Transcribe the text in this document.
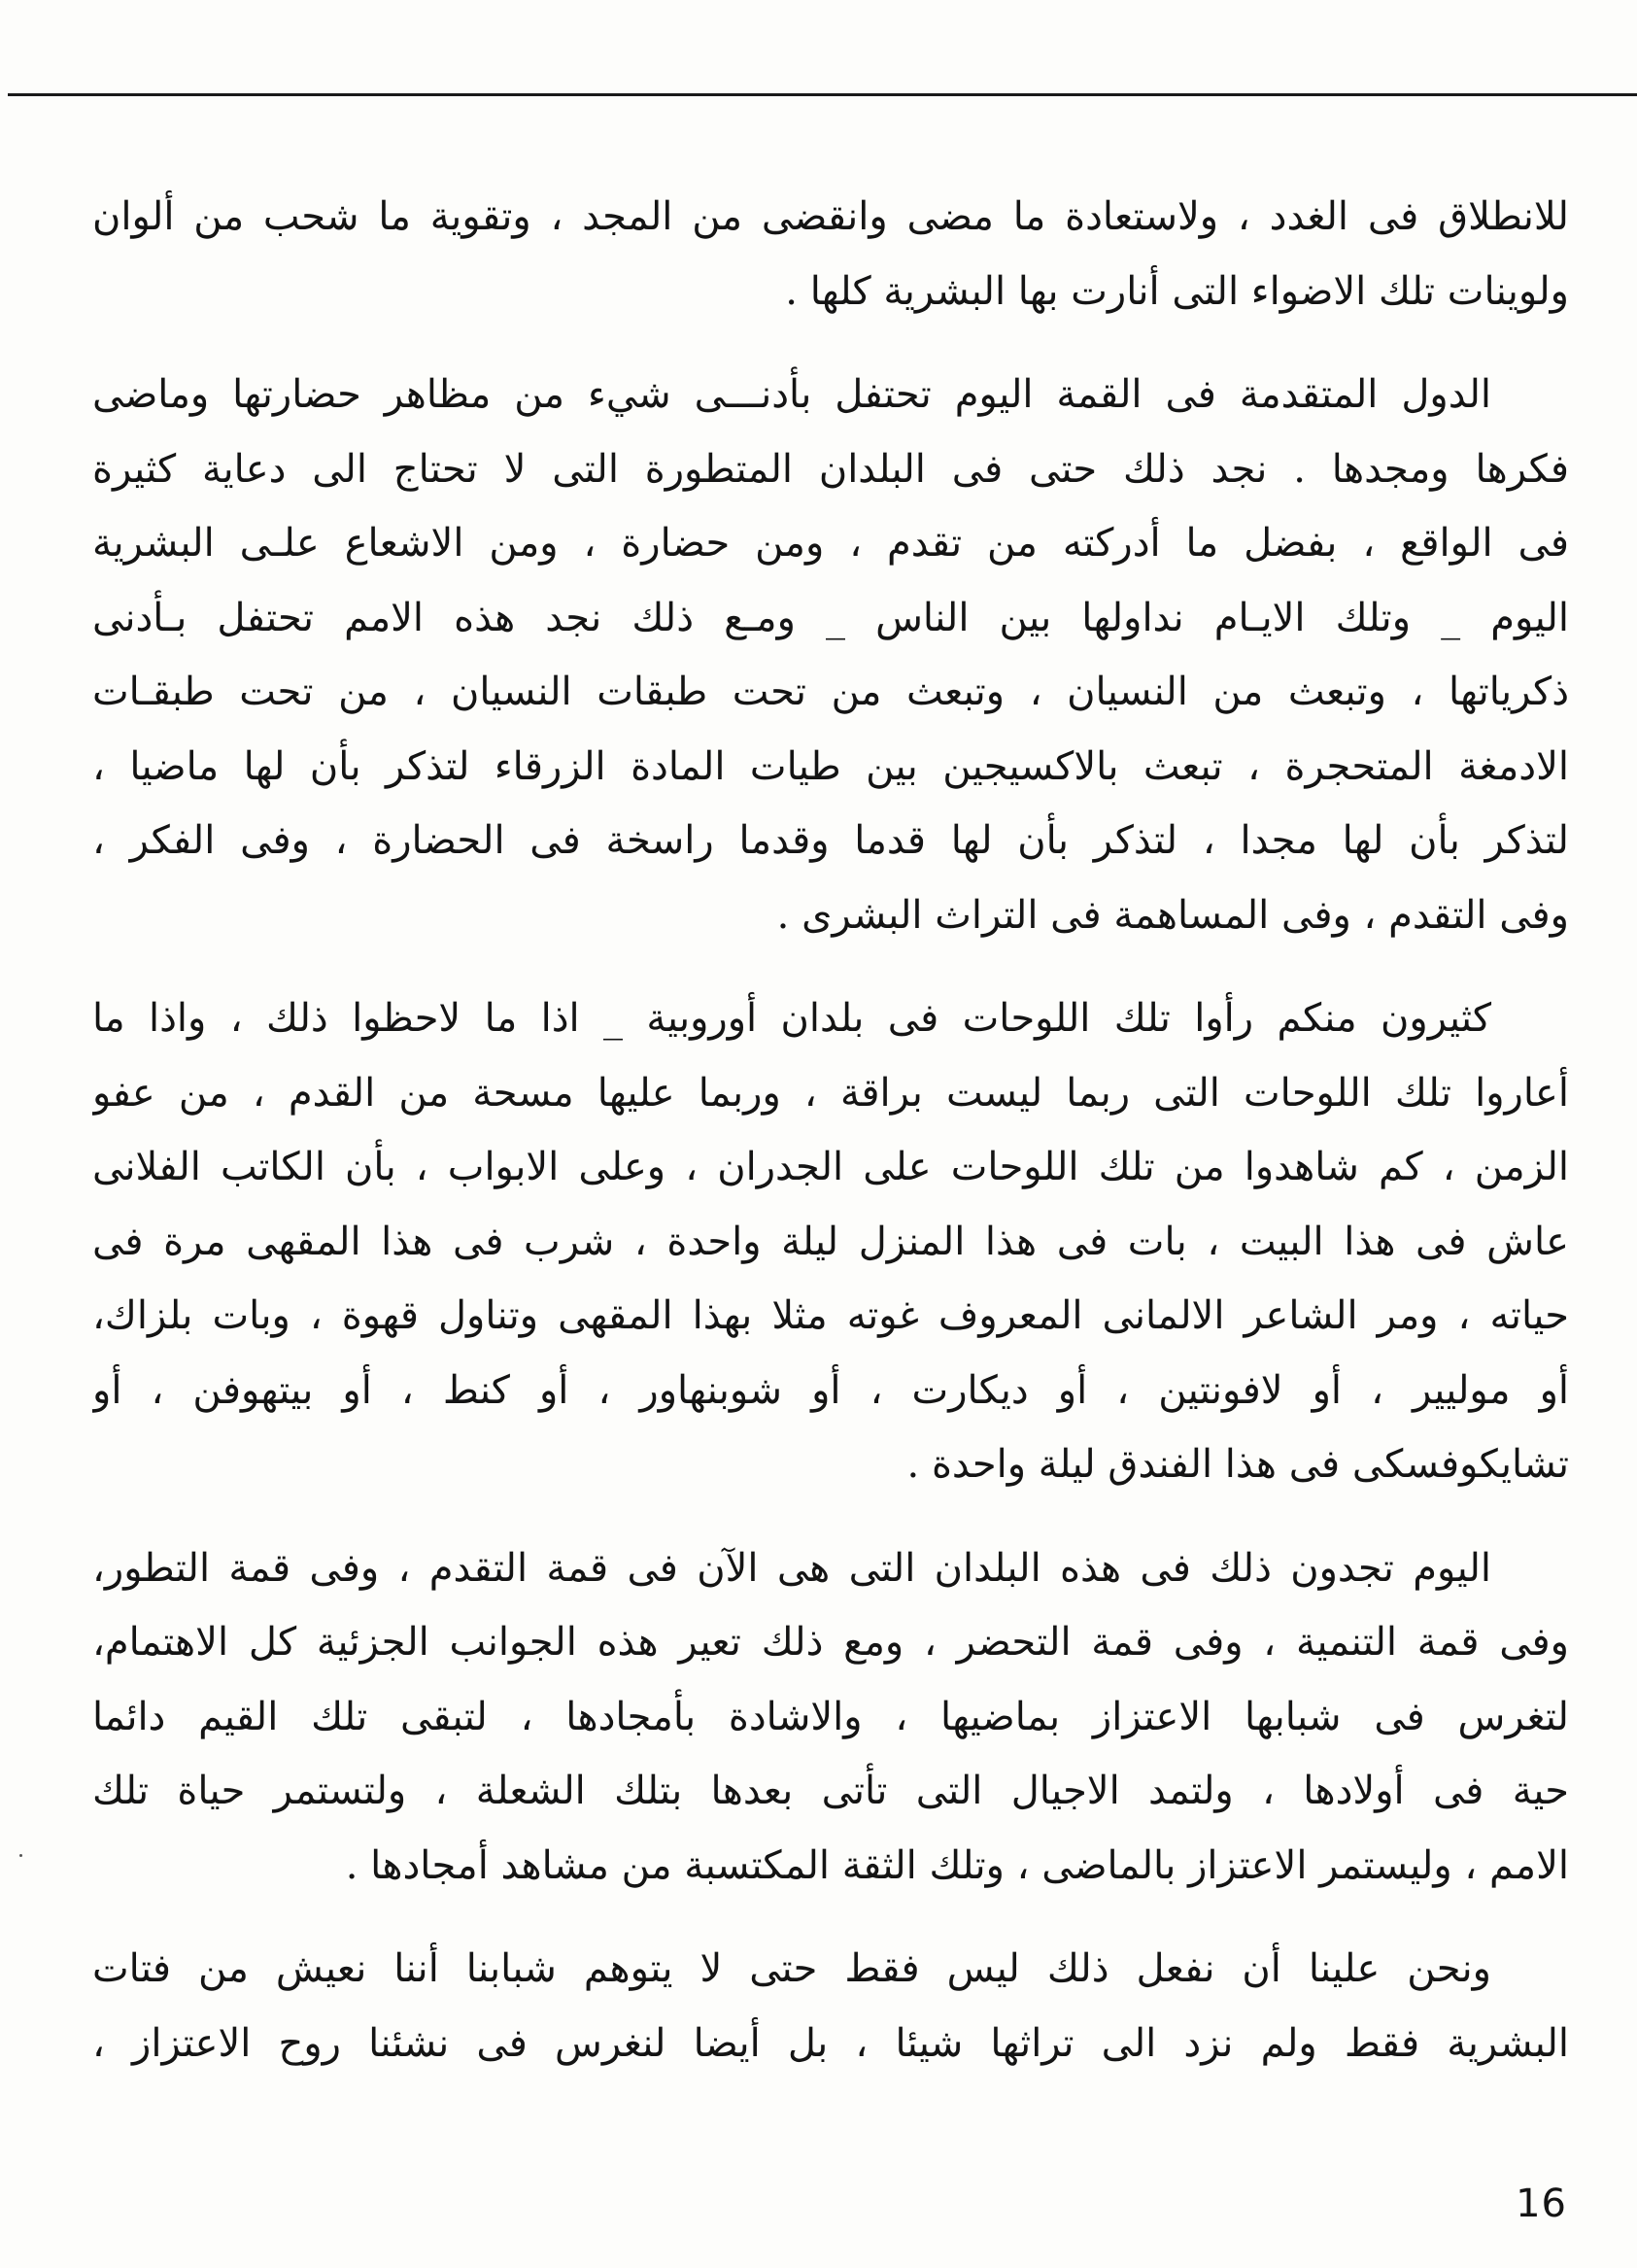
للانطلاق فى الغدد ، ولاستعادة ما مضى وانقضى من المجد ، وتقوية ما شحب من ألوان
ولوينات تلك الاضواء التى أنارت بها البشرية كلها .
الدول المتقدمة فى القمة اليوم تحتفل بأدنـــى شيء من مظاهر حضارتها وماضى
فكرها ومجدها . نجد ذلك حتى فى البلدان المتطورة التى لا تحتاج الى دعاية كثيرة
فى الواقع ، بفضل ما أدركته من تقدم ، ومن حضارة ، ومن الاشعاع علـى البشرية
اليوم _ وتلك الايـام نداولها بين الناس _ ومـع ذلك نجد هذه الامم تحتفل بـأدنى
ذكرياتها ، وتبعث من النسيان ، وتبعث من تحت طبقات النسيان ، من تحت طبقـات
الادمغة المتحجرة ، تبعث بالاكسيجين بين طيات المادة الزرقاء لتذكر بأن لها ماضيا ،
لتذكر بأن لها مجدا ، لتذكر بأن لها قدما وقدما راسخة فى الحضارة ، وفى الفكر ،
وفى التقدم ، وفى المساهمة فى التراث البشرى .
كثيرون منكم رأوا تلك اللوحات فى بلدان أوروبية _ اذا ما لاحظوا ذلك ، واذا ما
أعاروا تلك اللوحات التى ربما ليست براقة ، وربما عليها مسحة من القدم ، من عفو
الزمن ، كم شاهدوا من تلك اللوحات على الجدران ، وعلى الابواب ، بأن الكاتب الفلانى
عاش فى هذا البيت ، بات فى هذا المنزل ليلة واحدة ، شرب فى هذا المقهى مرة فى
حياته ، ومر الشاعر الالمانى المعروف غوته مثلا بهذا المقهى وتناول قهوة ، وبات بلزاك،
أو موليير ، أو لافونتين ، أو ديكارت ، أو شوبنهاور ، أو كنط ، أو بيتهوفن ، أو
تشايكوفسكى فى هذا الفندق ليلة واحدة .
اليوم تجدون ذلك فى هذه البلدان التى هى الآن فى قمة التقدم ، وفى قمة التطور،
وفى قمة التنمية ، وفى قمة التحضر ، ومع ذلك تعير هذه الجوانب الجزئية كل الاهتمام،
لتغرس فى شبابها الاعتزاز بماضيها ، والاشادة بأمجادها ، لتبقى تلك القيم دائما
حية فى أولادها ، ولتمد الاجيال التى تأتى بعدها بتلك الشعلة ، ولتستمر حياة تلك
الامم ، وليستمر الاعتزاز بالماضى ، وتلك الثقة المكتسبة من مشاهد أمجادها .
ونحن علينا أن نفعل ذلك ليس فقط حتى لا يتوهم شبابنا أننا نعيش من فتات
البشرية فقط ولم نزد الى تراثها شيئا ، بل أيضا لنغرس فى نشئنا روح الاعتزاز ،
16
